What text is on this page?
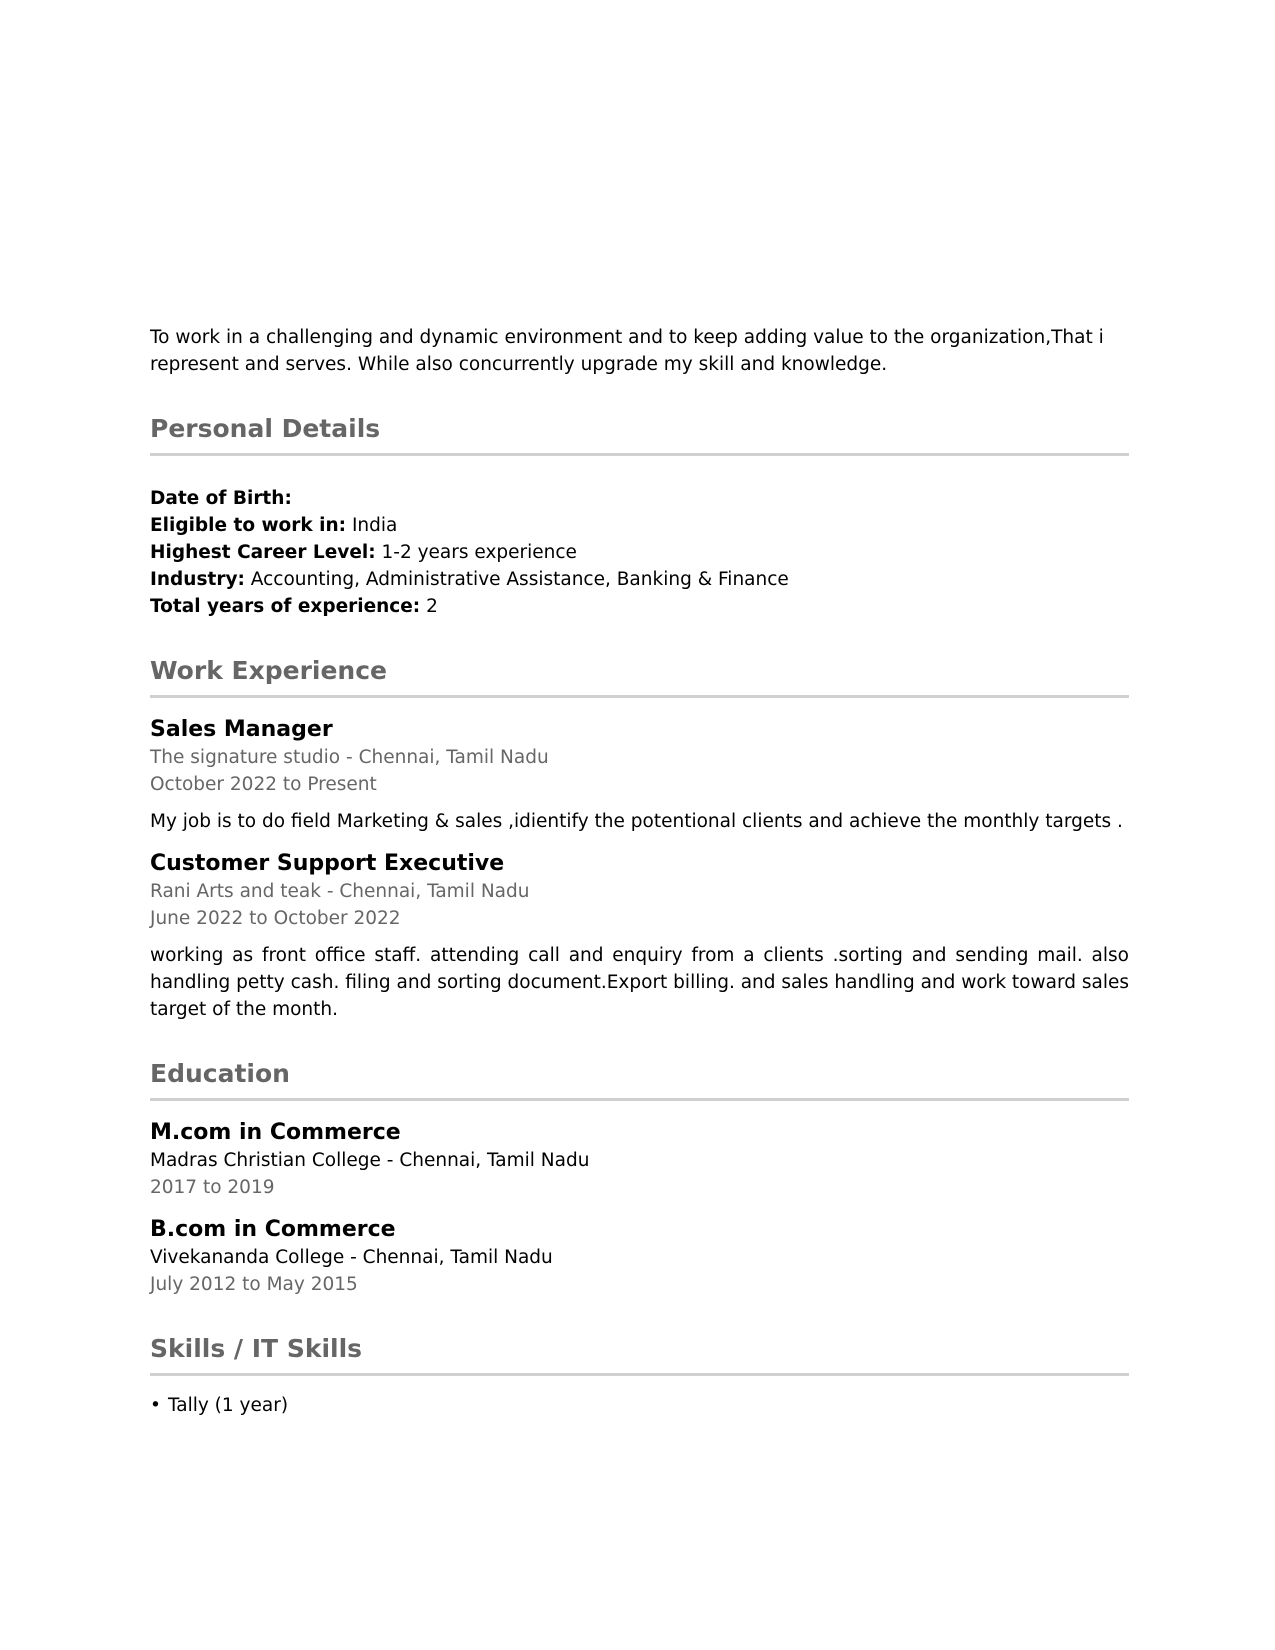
To work in a challenging and dynamic environment and to keep adding value to the organization,That i represent and serves. While also concurrently upgrade my skill and knowledge.

Personal Details
Date of Birth:
Eligible to work in: India
Highest Career Level: 1-2 years experience
Industry: Accounting, Administrative Assistance, Banking & Finance
Total years of experience: 2
Work Experience
Sales Manager
The signature studio - Chennai, Tamil Nadu
October 2022 to Present
My job is to do field Marketing & sales ,idientify the potentional clients and achieve the monthly targets .
Customer Support Executive
Rani Arts and teak - Chennai, Tamil Nadu
June 2022 to October 2022
working as front office staff. attending call and enquiry from a clients .sorting and sending mail. also handling petty cash. filing and sorting document.Export billing. and sales handling and work toward sales target of the month.
Education
M.com in Commerce
Madras Christian College - Chennai, Tamil Nadu
2017 to 2019
B.com in Commerce
Vivekananda College - Chennai, Tamil Nadu
July 2012 to May 2015
Skills / IT Skills
• Tally (1 year)
